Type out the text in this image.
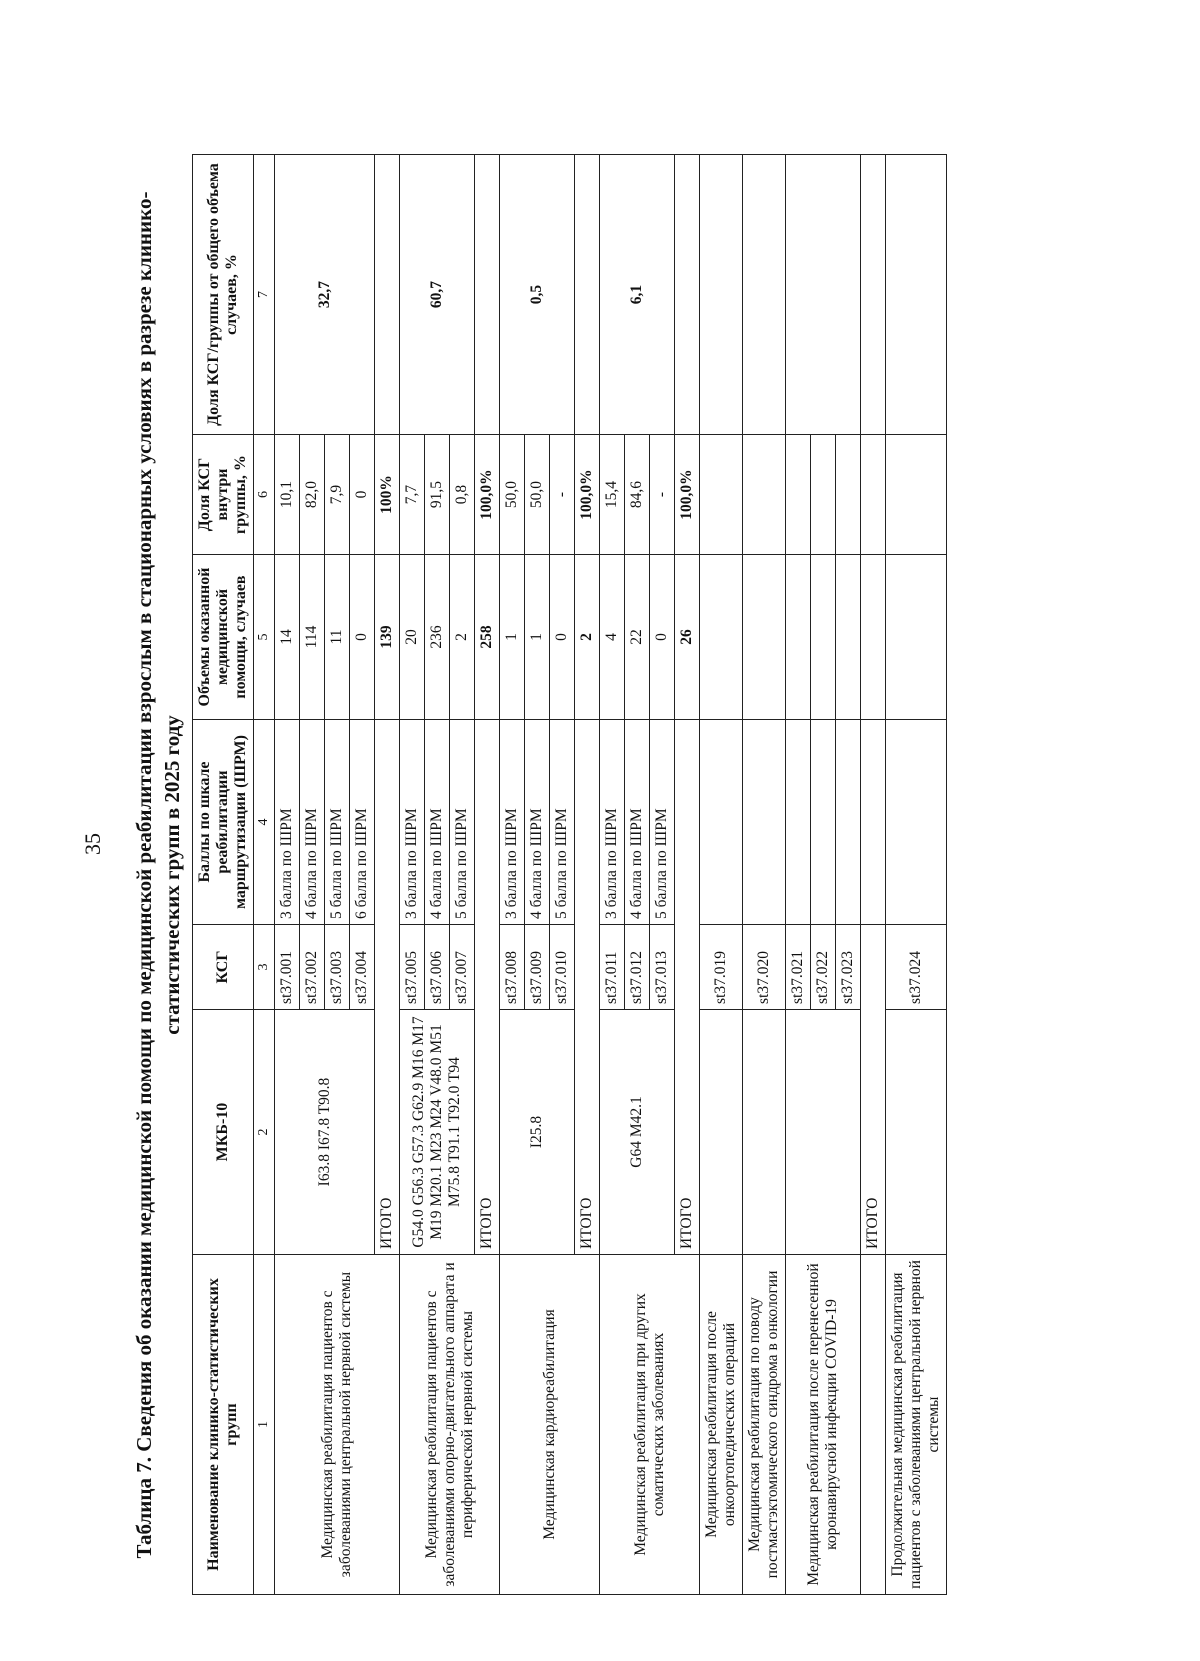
35 Таблица 7. Сведения об оказании медицинской помощи по медицинской реабилитации взрослым в стационарных условиях в разрезе клинико-статистических групп в 2025 году

Наименование клинико-статистических групп	МКБ-10	КСГ	Баллы по шкале реабилитации маршрутизации (ШРМ)	Объемы оказанной медицинской помощи, случаев	Доля КСГ внутри группы, %	Доля КСГ/группы от общего объема случаев, %
1	2	3	4	5	6	7
Медицинская реабилитация пациентов с заболеваниями центральной нервной системы	I63.8 I67.8 T90.8	st37.001	3 балла по ШРМ	14	10,1	32,7
		st37.002	4 балла по ШРМ	114	82,0	
		st37.003	5 балла по ШРМ	11	7,9	
		st37.004	6 балла по ШРМ	0	0	
	ИТОГО			139	100%	
Медицинская реабилитация пациентов с заболеваниями опорно-двигательного аппарата и периферической нервной системы	G54.0 G56.3 G57.3 G62.9 M16 M17 M19 M20.1 M23 M24 V48.0 M51 M75.8 T91.1 T92.0 T94	st37.005	3 балла по ШРМ	20	7,7	60,7
		st37.006	4 балла по ШРМ	236	91,5	
		st37.007	5 балла по ШРМ	2	0,8	
	ИТОГО			258	100,0%	
Медицинская кардиореабилитация	I25.8	st37.008	3 балла по ШРМ	1	50,0	0,5
		st37.009	4 балла по ШРМ	1	50,0	
		st37.010	5 балла по ШРМ	0	-	
	ИТОГО			2	100,0%	
Медицинская реабилитация при других соматических заболеваниях	G64 M42.1	st37.011	3 балла по ШРМ	4	15,4	6,1
		st37.012	4 балла по ШРМ	22	84,6	
		st37.013	5 балла по ШРМ	0	-	
	ИТОГО			26	100,0%	
Медицинская реабилитация после онкоортопедических операций		st37.019				
Медицинская реабилитация по поводу постмастэктомического синдрома в онкологии		st37.020				
Медицинская реабилитация после перенесенной коронавирусной инфекции COVID-19		st37.021				
		st37.022				
		st37.023				
	ИТОГО					
Продолжительная медицинская реабилитация пациентов с заболеваниями центральной нервной системы		st37.024				
